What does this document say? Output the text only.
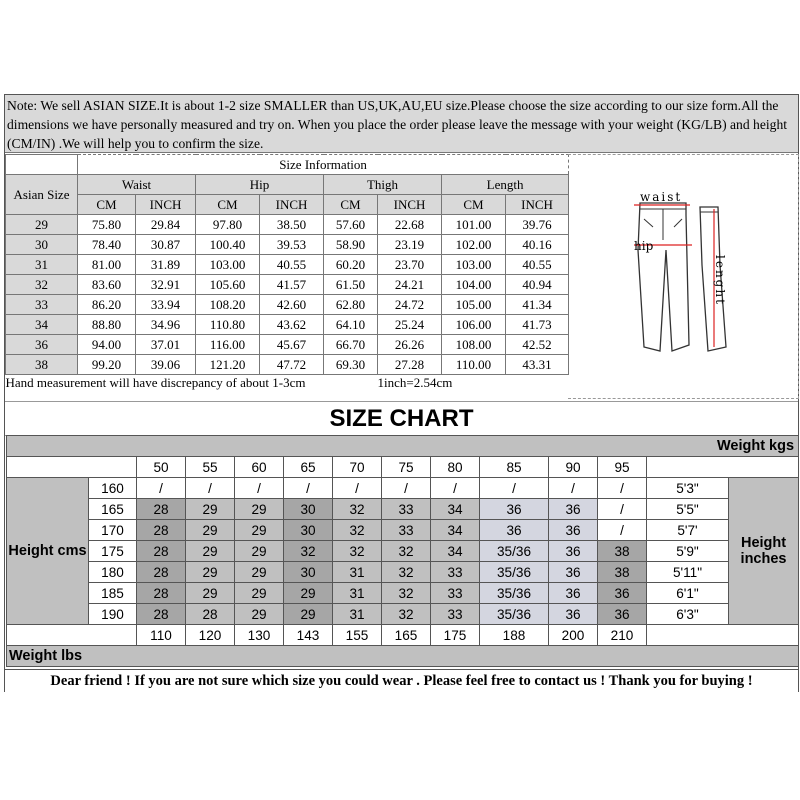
Note: We sell ASIAN SIZE.It is about 1-2 size SMALLER than US,UK,AU,EU size.Please choose the size according to our size form.All the dimensions we have personally measured and try on. When you place the order please leave the message with your weight (KG/LB) and height (CM/IN) .We will help you to confirm the size.
	Size Information							
Asian Size	Waist		Hip		Thigh		Length	
	CM	INCH	CM	INCH	CM	INCH	CM	INCH
29	75.80	29.84	97.80	38.50	57.60	22.68	101.00	39.76
30	78.40	30.87	100.40	39.53	58.90	23.19	102.00	40.16
31	81.00	31.89	103.00	40.55	60.20	23.70	103.00	40.55
32	83.60	32.91	105.60	41.57	61.50	24.21	104.00	40.94
33	86.20	33.94	108.20	42.60	62.80	24.72	105.00	41.34
34	88.80	34.96	110.80	43.62	64.10	25.24	106.00	41.73
36	94.00	37.01	116.00	45.67	66.70	26.26	108.00	42.52
38	99.20	39.06	121.20	47.72	69.30	27.28	110.00	43.31
Hand measurement will have discrepancy of about 1-3cm						1inch=2.54cm		
waist
hip
lenght
SIZE CHART
Weight kgs													
		50	55	60	65	70	75	80	85	90	95		
Height cms	160	/	/	/	/	/	/	/	/	/	/	5'3"	Height inches
	165	28	29	29	30	32	33	34	36	36	/	5'5"	
	170	28	29	29	30	32	33	34	36	36	/	5'7'	
	175	28	29	29	32	32	32	34	35/36	36	38	5'9"	
	180	28	29	29	30	31	32	33	35/36	36	38	5'11"	
	185	28	29	29	29	31	32	33	35/36	36	36	6'1"	
	190	28	28	29	29	31	32	33	35/36	36	36	6'3"	
		110	120	130	143	155	165	175	188	200	210		
Weight lbs													
Dear friend ! If you are not sure which size you could wear . Please feel free to contact us ! Thank you for buying !
